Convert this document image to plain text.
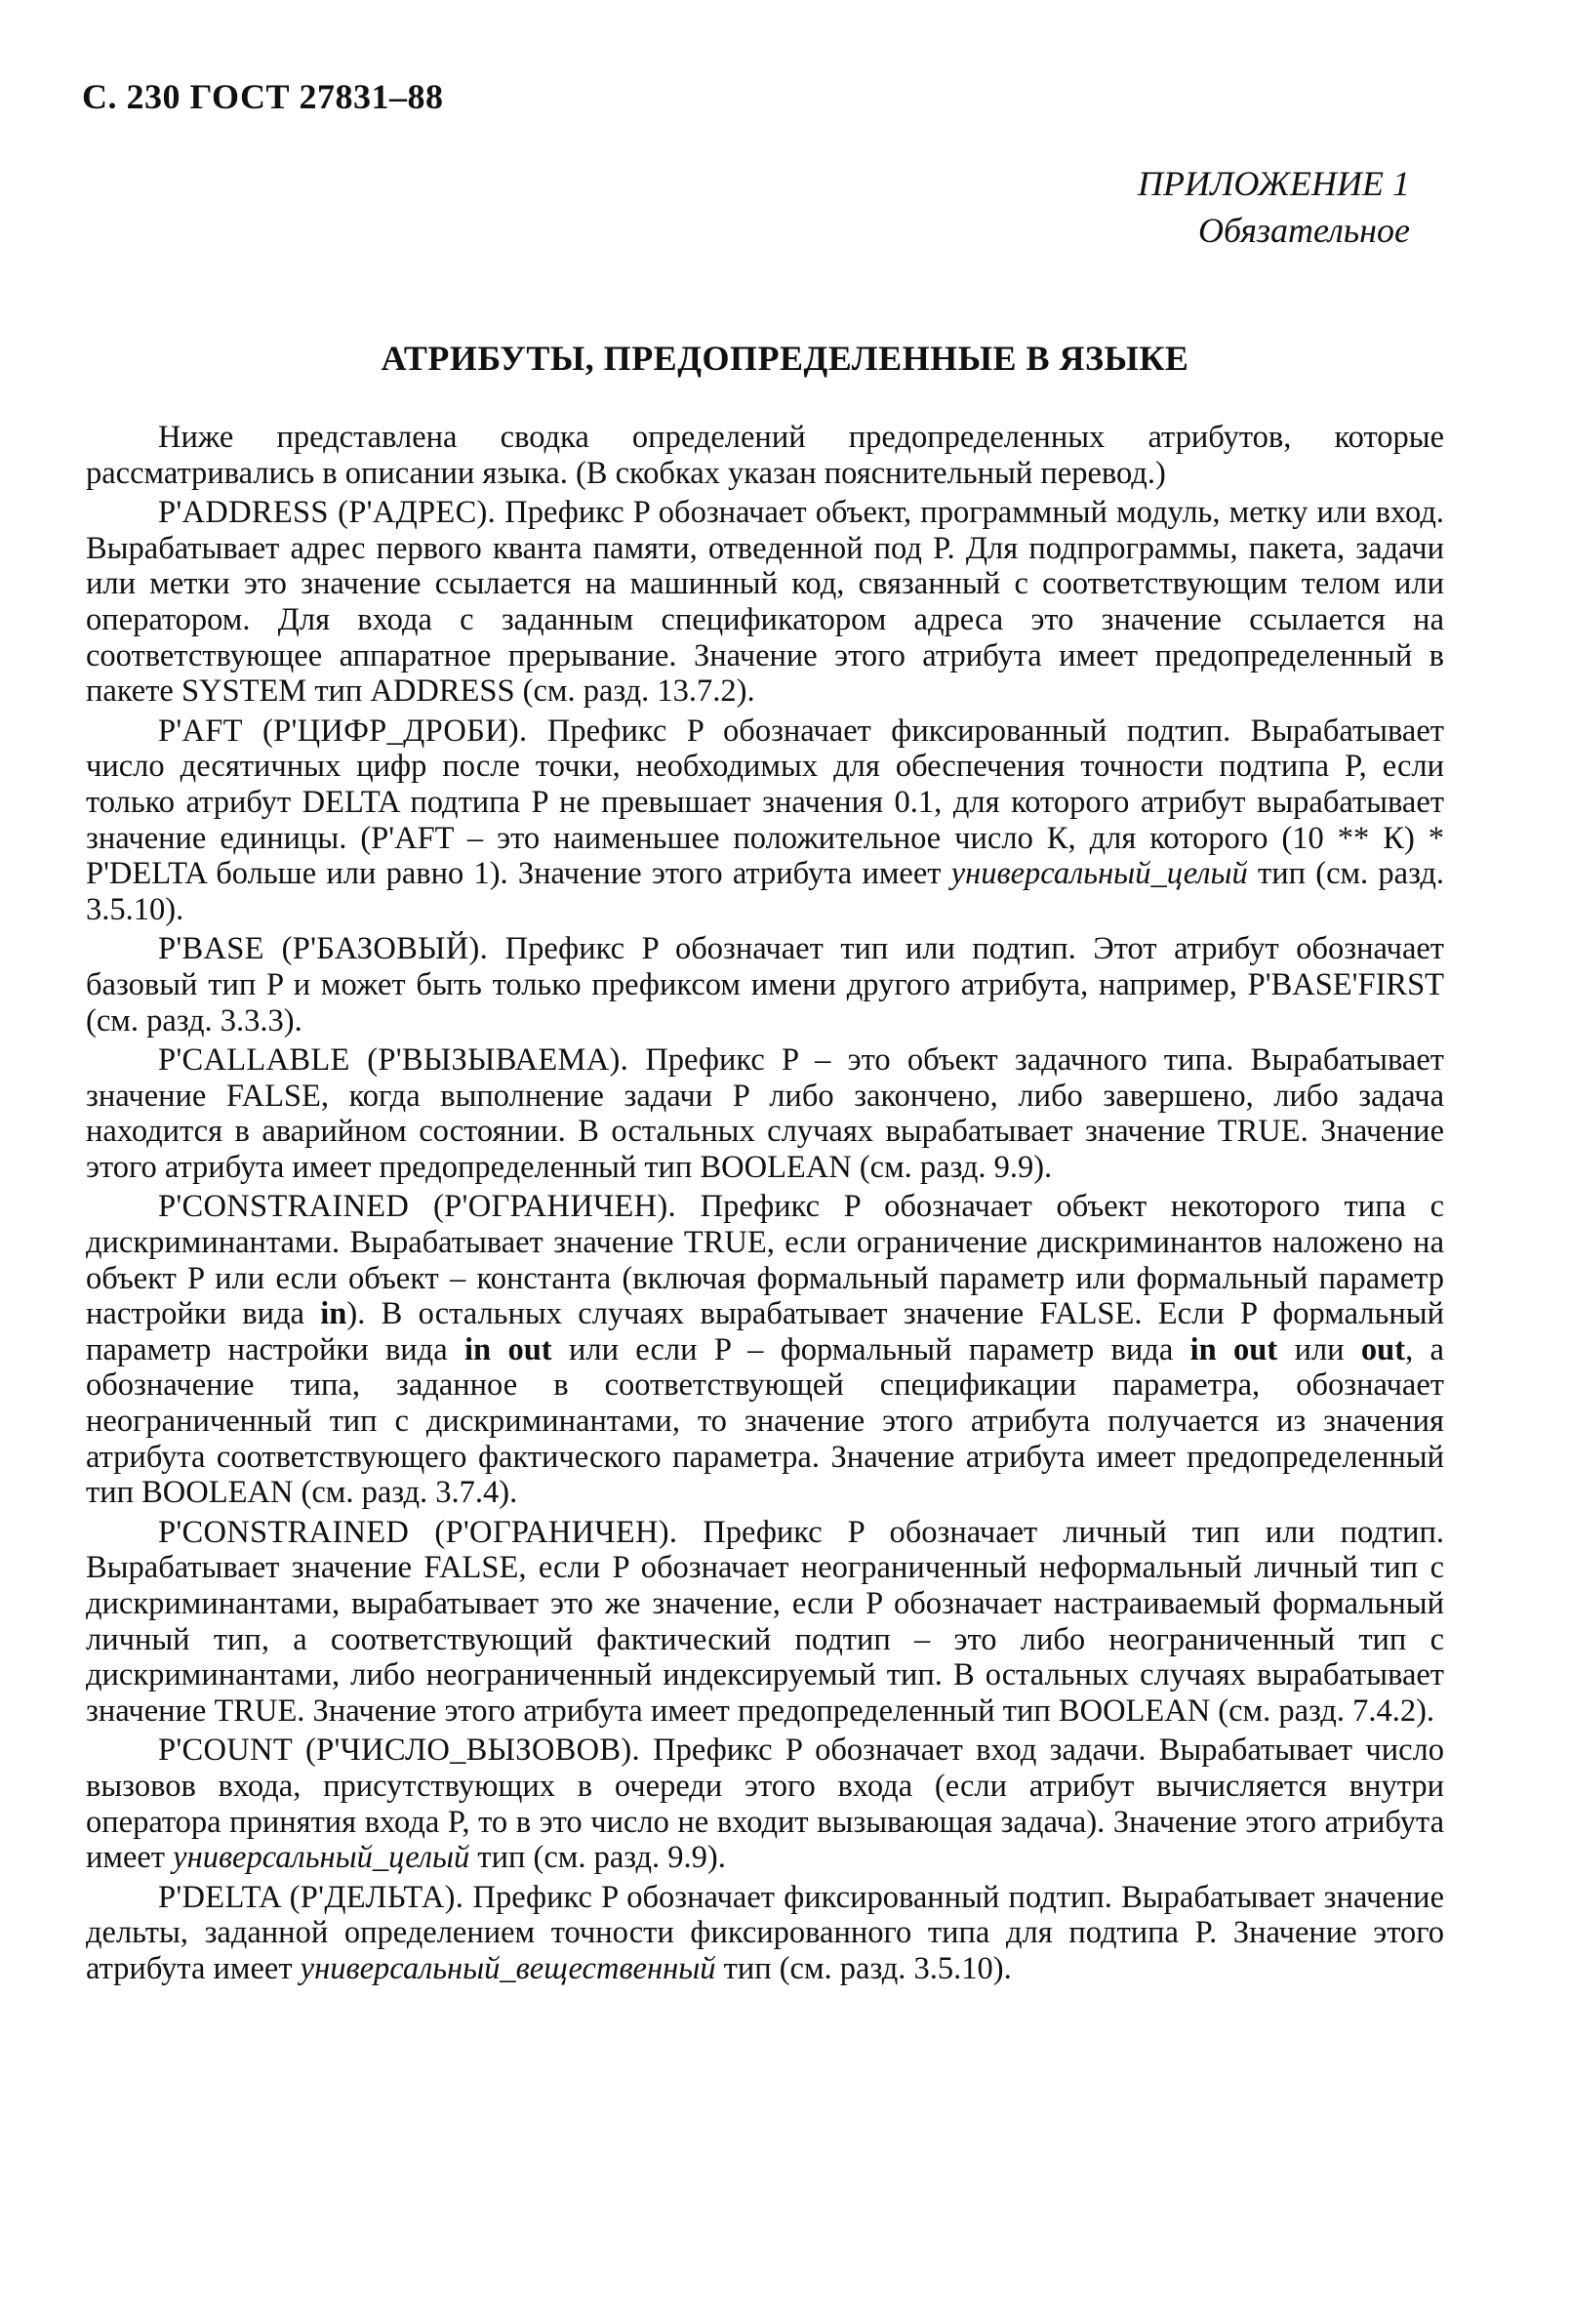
С. 230 ГОСТ 27831–88
ПРИЛОЖЕНИЕ 1
Обязательное
АТРИБУТЫ, ПРЕДОПРЕДЕЛЕННЫЕ В ЯЗЫКЕ

Ниже представлена сводка определений предопределенных атрибутов, которые рассматривались в описании языка. (В скобках указан пояснительный перевод.)

P'ADDRESS (P'АДРЕС). Префикс P обозначает объект, программный модуль, метку или вход. Вырабатывает адрес первого кванта памяти, отведенной под P. Для подпрограммы, пакета, задачи или метки это значение ссылается на машинный код, связанный с соответствующим телом или оператором. Для входа с заданным спецификатором адреса это значение ссылается на соответствующее аппаратное прерывание. Значение этого атрибута имеет предопределенный в пакете SYSTEM тип ADDRESS (см. разд. 13.7.2).

P'AFT (P'ЦИФР_ДРОБИ). Префикс P обозначает фиксированный подтип. Вырабатывает число десятичных цифр после точки, необходимых для обеспечения точности подтипа P, если только атрибут DELTA подтипа P не превышает значения 0.1, для которого атрибут вырабатывает значение единицы. (P'AFT – это наименьшее положительное число К, для которого (10 ** К) * P'DELTA больше или равно 1). Значение этого атрибута имеет универсальный_целый тип (см. разд. 3.5.10).

P'BASE (P'БАЗОВЫЙ). Префикс P обозначает тип или подтип. Этот атрибут обозначает базовый тип P и может быть только префиксом имени другого атрибута, например, P'BASE'FIRST (см. разд. 3.3.3).

P'CALLABLE (P'ВЫЗЫВАЕМА). Префикс P – это объект задачного типа. Вырабатывает значение FALSE, когда выполнение задачи P либо закончено, либо завершено, либо задача находится в аварийном состоянии. В остальных случаях вырабатывает значение TRUE. Значение этого атрибута имеет предопределенный тип BOOLEAN (см. разд. 9.9).

P'CONSTRAINED (P'ОГРАНИЧЕН). Префикс P обозначает объект некоторого типа с дискриминантами. Вырабатывает значение TRUE, если ограничение дискриминантов наложено на объект P или если объект – константа (включая формальный параметр или формальный параметр настройки вида in). В остальных случаях вырабатывает значение FALSE. Если P формальный параметр настройки вида in out или если P – формальный параметр вида in out или out, а обозначение типа, заданное в соответствующей спецификации параметра, обозначает неограниченный тип с дискриминантами, то значение этого атрибута получается из значения атрибута соответствующего фактического параметра. Значение атрибута имеет предопределенный тип BOOLEAN (см. разд. 3.7.4).

P'CONSTRAINED (P'ОГРАНИЧЕН). Префикс P обозначает личный тип или подтип. Вырабатывает значение FALSE, если P обозначает неограниченный неформальный личный тип с дискриминантами, вырабатывает это же значение, если P обозначает настраиваемый формальный личный тип, а соответствующий фактический подтип – это либо неограниченный тип с дискриминантами, либо неограниченный индексируемый тип. В остальных случаях вырабатывает значение TRUE. Значение этого атрибута имеет предопределенный тип BOOLEAN (см. разд. 7.4.2).

P'COUNT (P'ЧИСЛО_ВЫЗОВОВ). Префикс P обозначает вход задачи. Вырабатывает число вызовов входа, присутствующих в очереди этого входа (если атрибут вычисляется внутри оператора принятия входа P, то в это число не входит вызывающая задача). Значение этого атрибута имеет универсальный_целый тип (см. разд. 9.9).

P'DELTA (P'ДЕЛЬТА). Префикс P обозначает фиксированный подтип. Вырабатывает значение дельты, заданной определением точности фиксированного типа для подтипа P. Значение этого атрибута имеет универсальный_вещественный тип (см. разд. 3.5.10).
